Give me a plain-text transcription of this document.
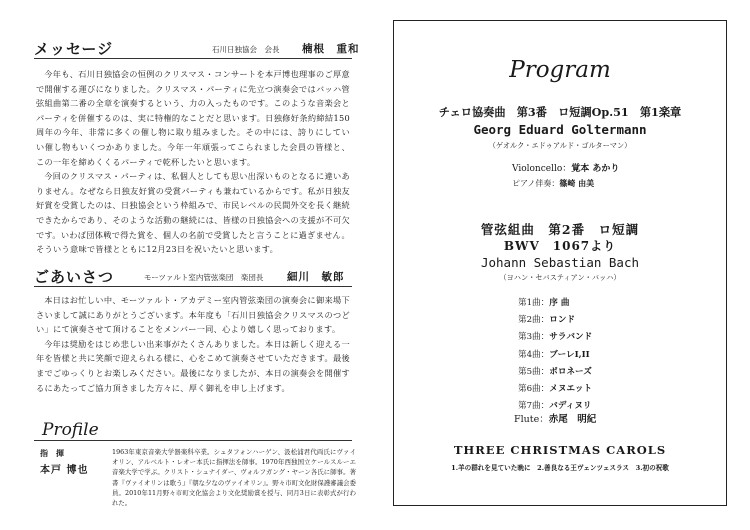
メッセージ	石川日独協会　会長 楠根　重和

今年も、石川日独協会の恒例のクリスマス・コンサートを本戸博也理事のご厚意で開催する運びになりました。クリスマス・パーティに先立つ演奏会ではバッハ管弦組曲第二番の全章を演奏するという、力の入ったものです。このような音楽会とパーティを併催するのは、実に特権的なことだと思います。日独修好条約締結150周年の今年、非常に多くの催し物に取り組みました。その中には、誇りにしていい催し物もいくつかありました。今年一年頑張ってこられました会員の皆様と、この一年を締めくくるパーティで乾杯したいと思います。

今回のクリスマス・パーティは、私個人としても思い出深いものとなるに違いありません。なぜなら日独友好賞の受賞パーティも兼ねているからです。私が日独友好賞を受賞したのは、日独協会という枠組みで、市民レベルの民間外交を長く継続できたからであり、そのような活動の継続には、皆様の日独協会への支援が不可欠です。いわば団体戦で得た賞を、個人の名前で受賞したと言うことに過ぎません。そういう意味で皆様とともに12月23日を祝いたいと思います。

ごあいさつ	モーツァルト室内管弦楽団　楽団長 細川　敏郎

本日はお忙しい中、モーツァルト・アカデミー室内管弦楽団の演奏会に御来場下さいまして誠にありがとうございます。本年度も「石川日独協会クリスマスのつどい」にて演奏させて頂けることをメンバー一同、心より嬉しく思っております。

今年は奨励をはじめ悲しい出来事がたくさんありました。本日は新しく迎える一年を皆様と共に笑顔で迎えられる様に、心をこめて演奏させていただきます。最後までごゆっくりとお楽しみください。最後になりましたが、本日の演奏会を開催するにあたってご協力頂きました方々に、厚く御礼を申し上げます。

Profile
指　揮
本戸 博也
1963年東京音楽大学器楽科卒業。シュタフォンハーゲン、汲松浦君代両氏にヴァイオリン、アルベルト・レオー本氏に指揮法を師事。1970年西独国立ケールスルーエ音楽大学で学ぶ。クリスト・シュナイダー、ヴォルフガング・ヤーン各氏に師事。著書『ヴァイオリンは歌う』『朝な夕なのヴァイオリン』。野々市町文化財保護審議会委員。2010年11月野々市町文化協会より文化奨励賞を授与、同月3日に表彰式が行われた。
Program
チェロ協奏曲　第3番　ロ短調Op.51　第1楽章
Georg Eduard Goltermann
（ゲオルク・エドゥアルド・ゴルターマン）
Violoncello：覚本 あかり
ピアノ伴奏：篠崎 由美
管弦組曲　第2番　ロ短調
BWV　1067より
Johann Sebastian Bach
（ヨハン・セバスティアン・バッハ）
第1曲：序 曲
第2曲：ロンド
第3曲：サラバンド
第4曲：ブーレI,II
第5曲：ポロネーズ
第6曲：メヌエット
第7曲：バディヌリ
Flute：赤尾　明紀
THREE CHRISTMAS CAROLS
1.羊の群れを見ていた晩に　2.善良なる王ヴェンツェスラス　3.初の祝歌
